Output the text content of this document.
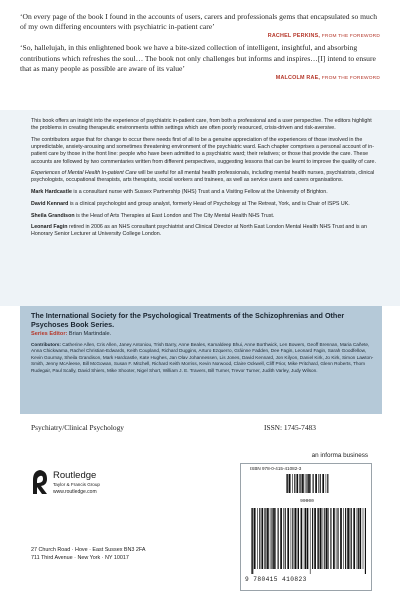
‘On every page of the book I found in the accounts of users, carers and professionals gems that encapsulated so much of my own differing encounters with psychiatric in-patient care’
RACHEL PERKINS, FROM THE FOREWORD
‘So, hallelujah, in this enlightened book we have a bite-sized collection of intelligent, insightful, and absorbing contributions which refreshes the soul… The book not only challenges but informs and inspires…[I] intend to ensure that as many people as possible are aware of its value’
MALCOLM RAE, FROM THE FOREWORD

This book offers an insight into the experience of psychiatric in-patient care, from both a professional and a user perspective. The editors highlight the problems in creating therapeutic environments within settings which are often poorly resourced, crisis-driven and risk-aversive.

The contributors argue that for change to occur there needs first of all to be a genuine appreciation of the experiences of those involved in the unpredictable, anxiety-arousing and sometimes threatening environment of the psychiatric ward. Each chapter comprises a personal account of in-patient care by those in the front line: people who have been admitted to a psychiatric ward; their relatives; or those that provide the care. These accounts are followed by two commentaries written from different perspectives, suggesting lessons that can be learnt to improve the quality of care.

Experiences of Mental Health In-patient Care will be useful for all mental health professionals, including mental health nurses, psychiatrists, clinical psychologists, occupational therapists, arts therapists, social workers and trainees, as well as service users and carers organisations.

Mark Hardcastle is a consultant nurse with Sussex Partnership (NHS) Trust and a Visiting Fellow at the University of Brighton.

David Kennard is a clinical psychologist and group analyst, formerly Head of Psychology at The Retreat, York, and is Chair of ISPS UK.

Sheila Grandison is the Head of Arts Therapies at East London and The City Mental Health NHS Trust.

Leonard Fagin retired in 2006 as an NHS consultant psychiatrist and Clinical Director at North East London Mental Health NHS Trust and is an Honorary Senior Lecturer at University College London.

The International Society for the Psychological Treatments of the Schizophrenias and Other Psychoses Book Series.
Series Editor: Brian Martindale.
Contributors: Catherine Allen, Cris Allen, Janey Antoniou, Trish Barry, Anne Beales, Kamaldeep Bhui, Anne Borthwick, Len Bowers, Geoff Brennan, Maria Cañete, Anna Chickwama, Rachel Christian-Edwards, Keith Coupland, Richard Duggins, Arturo Ezquerro, Gráinne Fadden, Dee Fagin, Leonard Fagin, Sarah Goodfellow, Kevin Gournay, Sheila Grandison, Mark Hardcastle, Kate Hughes, Jan Olav Johannessen, Lis Jones, David Kennard, Jon Kilyon, Daniel Kirk, Jo Kirk, Simon Lawton-Smith, Jenny McAleese, Bill McGowan, Susan F. Mitchell, Richard Keith Morriss, Kevin Norwood, Claire Ockwell, Cliff Prior, Mike Pritchard, Glenn Roberts, Thom Rudegair, Paul Scally, David Shiers, Mike Shooter, Nigel Short, William J. E. Travers, Bill Turner, Trevor Turner, Judith Varley, Judy Wilson.
Psychiatry/Clinical Psychology	ISSN: 1745-7483
Routledge
Taylor & Francis Group
www.routledge.com
27 Church Road · Hove · East Sussex BN3 2FA
711 Third Avenue · New York · NY 10017
an informa business
ISBN 978-0-415-41082-3
90000
9 780415 410823
